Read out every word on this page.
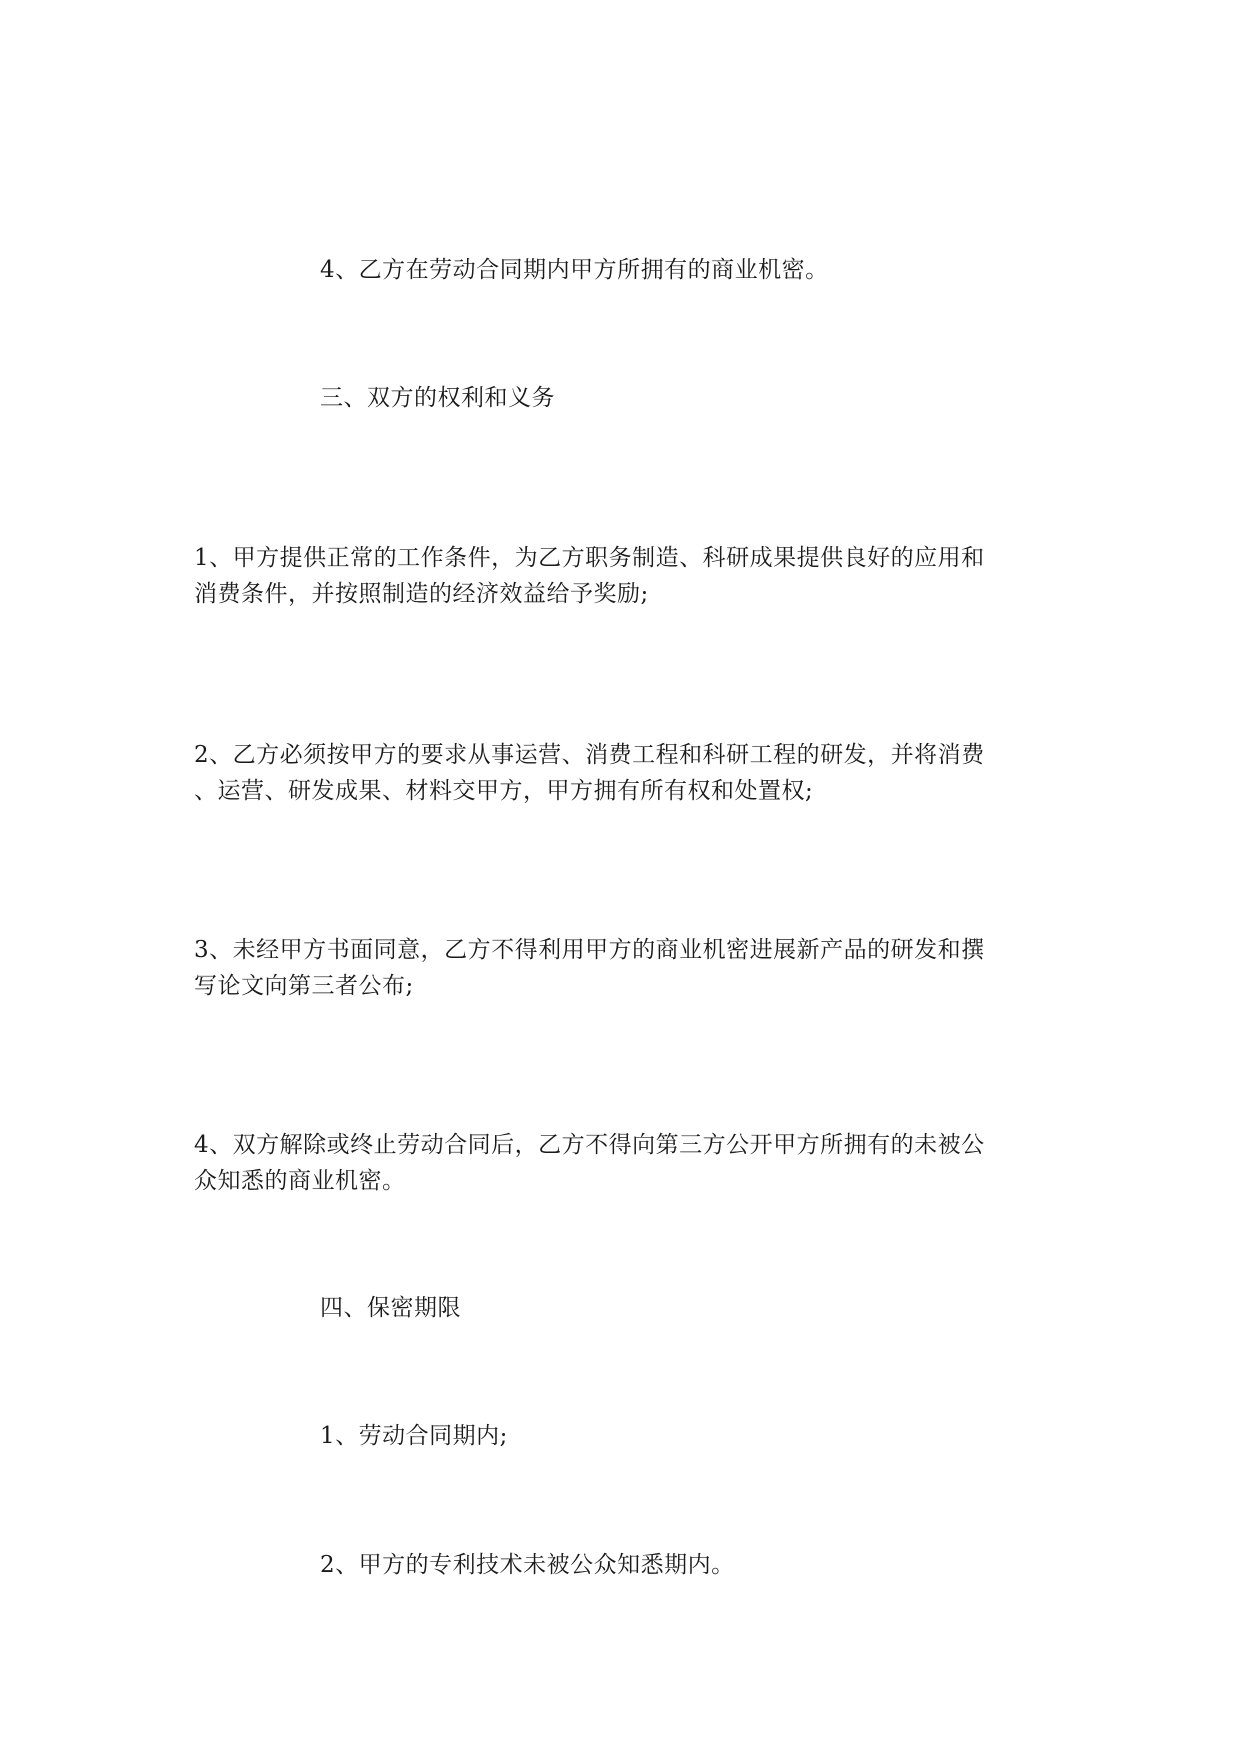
4、乙方在劳动合同期内甲方所拥有的商业机密。
三、双方的权利和义务
1、甲方提供正常的工作条件，为乙方职务制造、科研成果提供良好的应用和
消费条件，并按照制造的经济效益给予奖励;
2、乙方必须按甲方的要求从事运营、消费工程和科研工程的研发，并将消费
、运营、研发成果、材料交甲方，甲方拥有所有权和处置权;
3、未经甲方书面同意，乙方不得利用甲方的商业机密进展新产品的研发和撰
写论文向第三者公布;
4、双方解除或终止劳动合同后，乙方不得向第三方公开甲方所拥有的未被公
众知悉的商业机密。
四、保密期限
1、劳动合同期内;
2、甲方的专利技术未被公众知悉期内。
